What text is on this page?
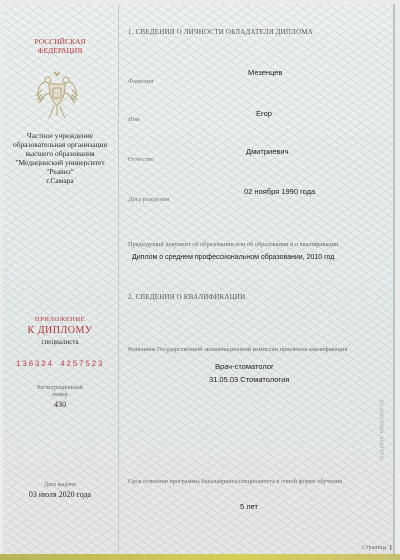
РОССИЙСКАЯ
ФЕДЕРАЦИЯ
Частное учреждение
образовательная организация
высшего образования
"Медицинский университет
"Реавиз"
г.Самара
ПРИЛОЖЕНИЕ
К ДИПЛОМУ
специалиста
136324 4257523
Регистрационный
номер
430
Дата выдачи
03 июля 2020 года
1. СВЕДЕНИЯ О ЛИЧНОСТИ ОБЛАДАТЕЛЯ ДИПЛОМА
Фамилия
Мезенцев
Имя
Егор
Отчество
Дмитриевич
Дата рождения
02 ноября 1990 года
Предыдущий документ об образовании или об образовании и о квалификации
Диплом о среднем профессиональном образовании, 2010 год
2. СВЕДЕНИЯ О КВАЛИФИКАЦИИ
Решением Государственной экзаменационной комиссии присвоена квалификация
Врач-стоматолог
31.05.03 Стоматология
Срок освоения программы бакалавриата/специалитета в очной форме обучения
5 лет
ЦЕ ДИПЛОМА, АБИТУРИ...
Страница 1
